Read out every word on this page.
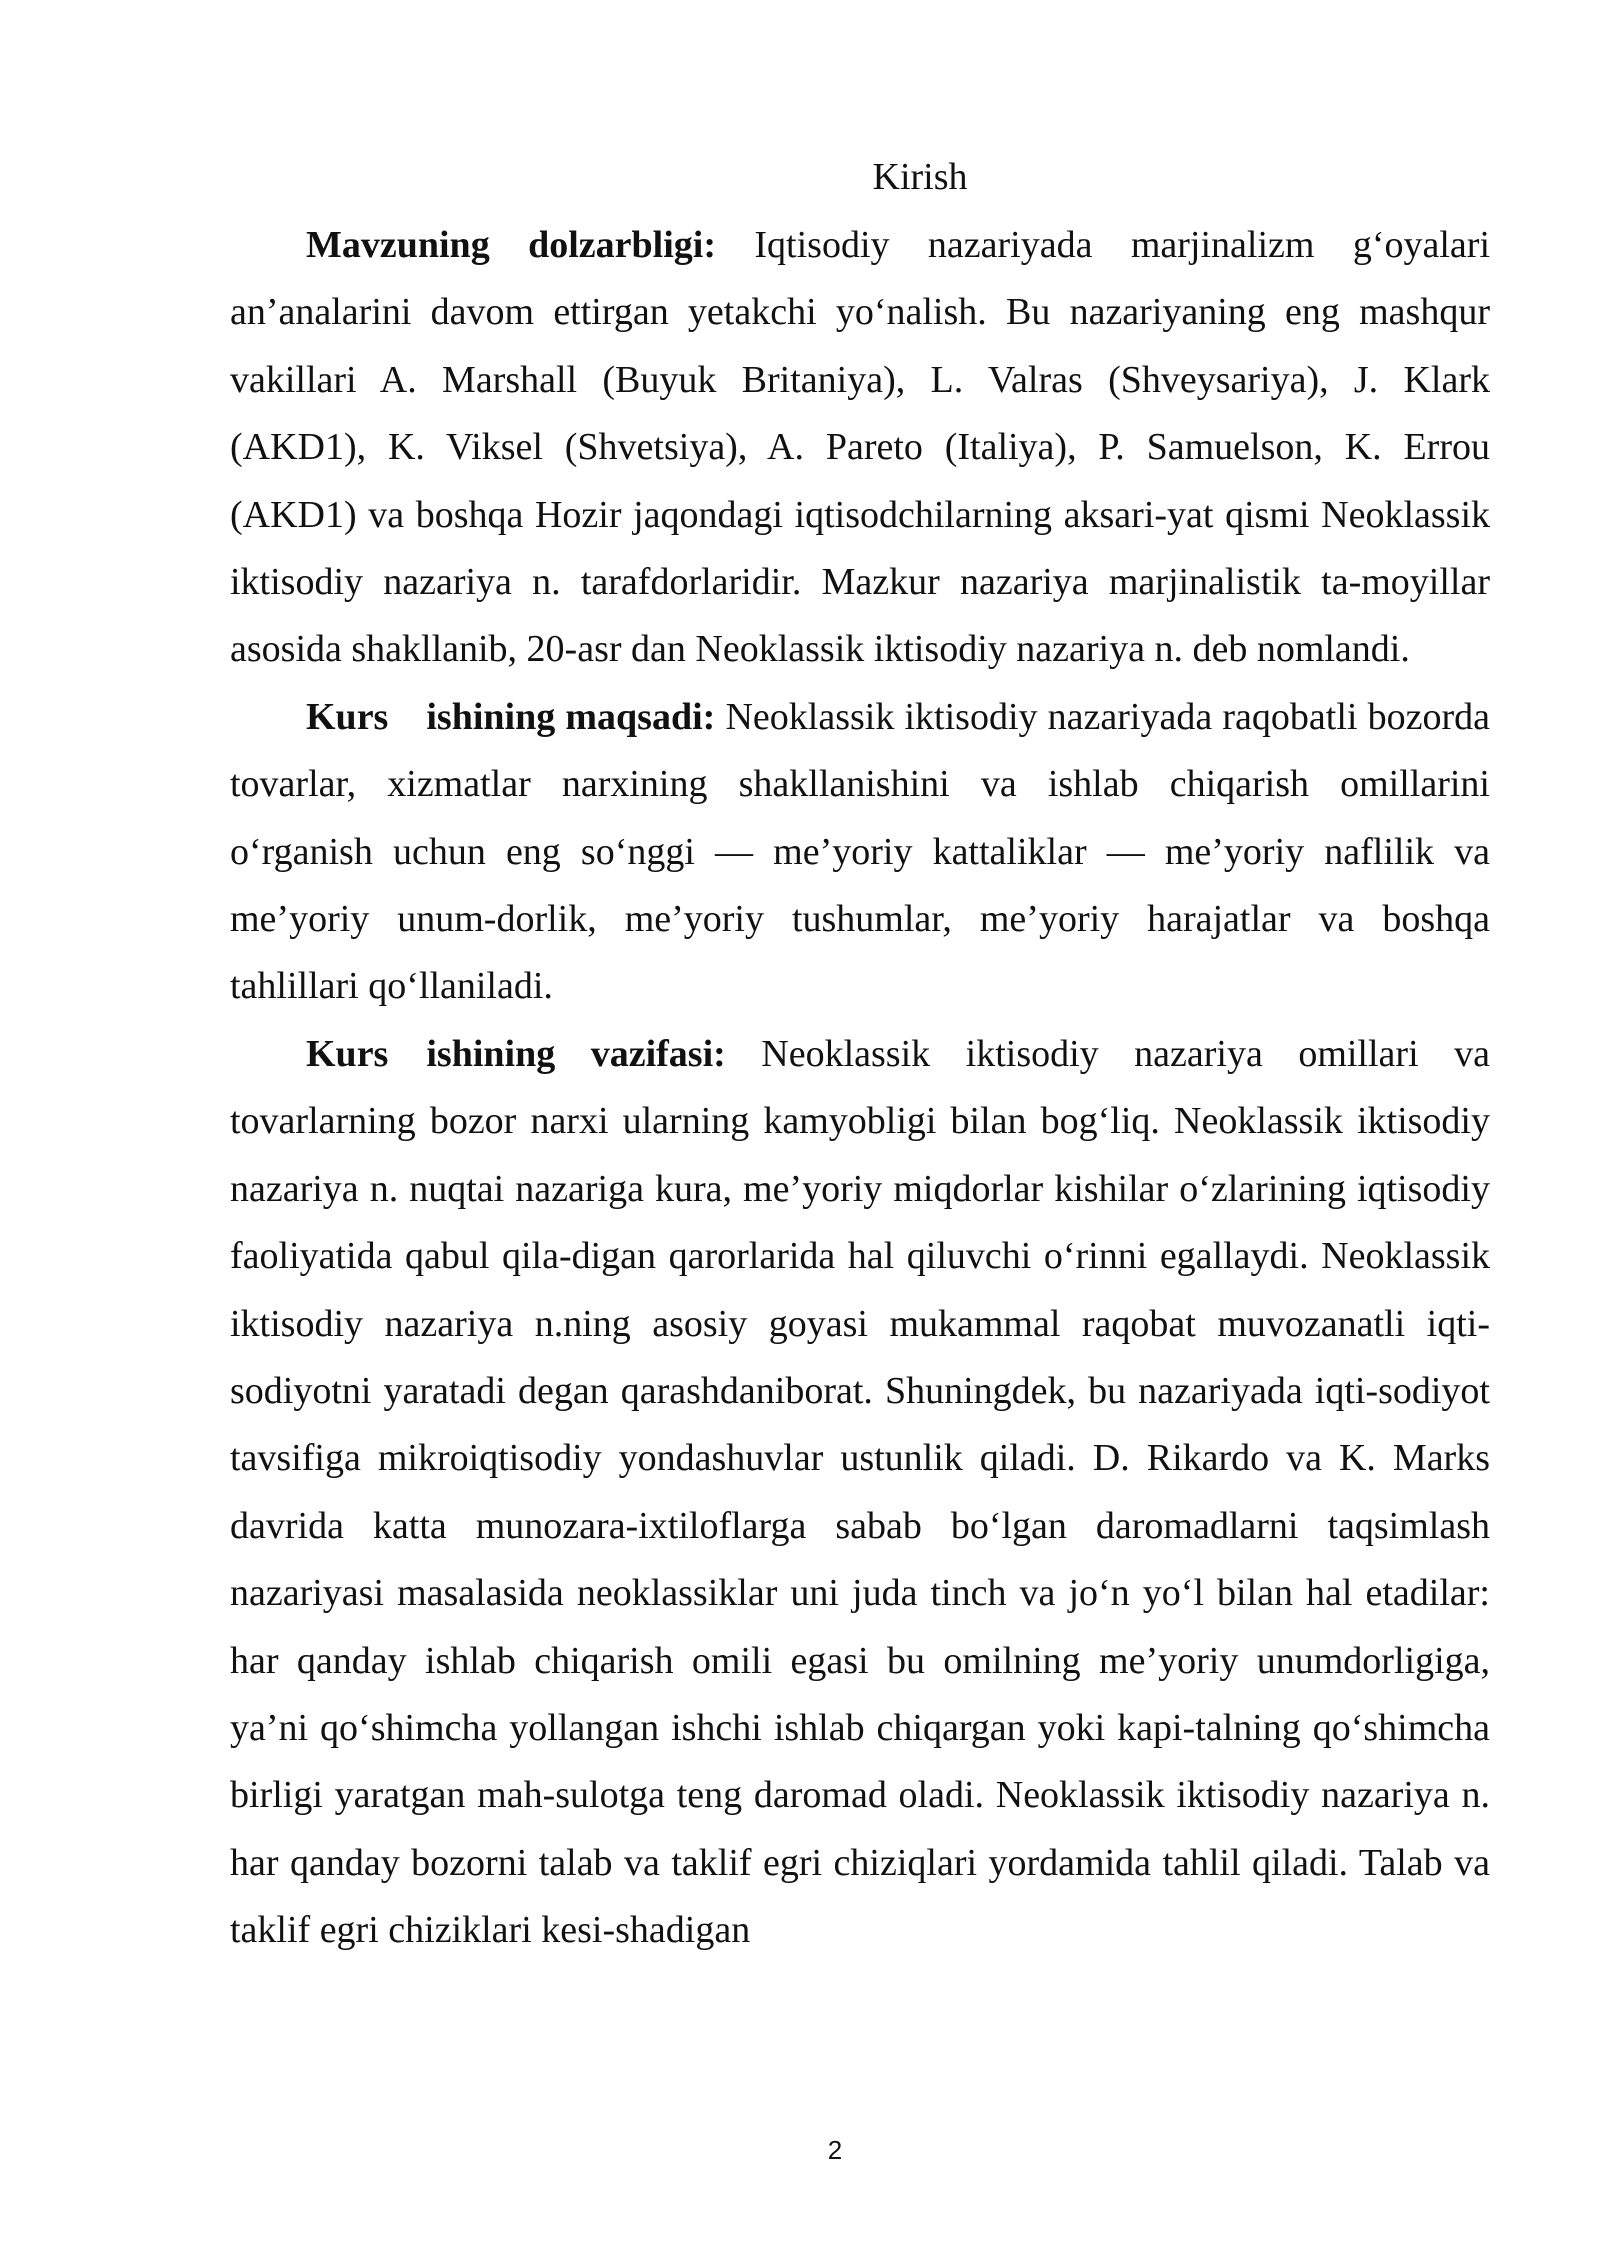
Kirish

Mavzuning dolzarbligi: Iqtisodiy nazariyada marjinalizm g‘oyalari an’analarini davom ettirgan yetakchi yo‘nalish. Bu nazariyaning eng mashqur vakillari A. Marshall (Buyuk Britaniya), L. Valras (Shveysariya), J. Klark (AKD1), K. Viksel (Shvetsiya), A. Pareto (Italiya), P. Samuelson, K. Errou (AKD1) va boshqa Hozir jaqondagi iqtisodchilarning aksari-yat qismi Neoklassik iktisodiy nazariya n. tarafdorlaridir. Mazkur nazariya marjinalistik ta-moyillar asosida shakllanib, 20-asr dan Neoklassik iktisodiy nazariya n. deb nomlandi.

Kurs ishining maqsadi: Neoklassik iktisodiy nazariyada raqobatli bozorda tovarlar, xizmatlar narxining shakllanishini va ishlab chiqarish omillarini o‘rganish uchun eng so‘nggi — me’yoriy kattaliklar — me’yoriy naflilik va me’yoriy unum-dorlik, me’yoriy tushumlar, me’yoriy harajatlar va boshqa tahlillari qo‘llaniladi.

Kurs ishining vazifasi: Neoklassik iktisodiy nazariya omillari va tovarlarning bozor narxi ularning kamyobligi bilan bog‘liq. Neoklassik iktisodiy nazariya n. nuqtai nazariga kura, me’yoriy miqdorlar kishilar o‘zlarining iqtisodiy faoliyatida qabul qila-digan qarorlarida hal qiluvchi o‘rinni egallaydi. Neoklassik iktisodiy nazariya n.ning asosiy goyasi mukammal raqobat muvozanatli iqti-sodiyotni yaratadi degan qarashdaniborat. Shuningdek, bu nazariyada iqti-sodiyot tavsifiga mikroiqtisodiy yondashuvlar ustunlik qiladi. D. Rikardo va K. Marks davrida katta munozara-ixtiloflarga sabab bo‘lgan daromadlarni taqsimlash nazariyasi masalasida neoklassiklar uni juda tinch va jo‘n yo‘l bilan hal etadilar: har qanday ishlab chiqarish omili egasi bu omilning me’yoriy unumdorligiga, ya’ni qo‘shimcha yollangan ishchi ishlab chiqargan yoki kapi-talning qo‘shimcha birligi yaratgan mah-sulotga teng daromad oladi. Neoklassik iktisodiy nazariya n. har qanday bozorni talab va taklif egri chiziqlari yordamida tahlil qiladi. Talab va taklif egri chiziklari kesi-shadigan

2
